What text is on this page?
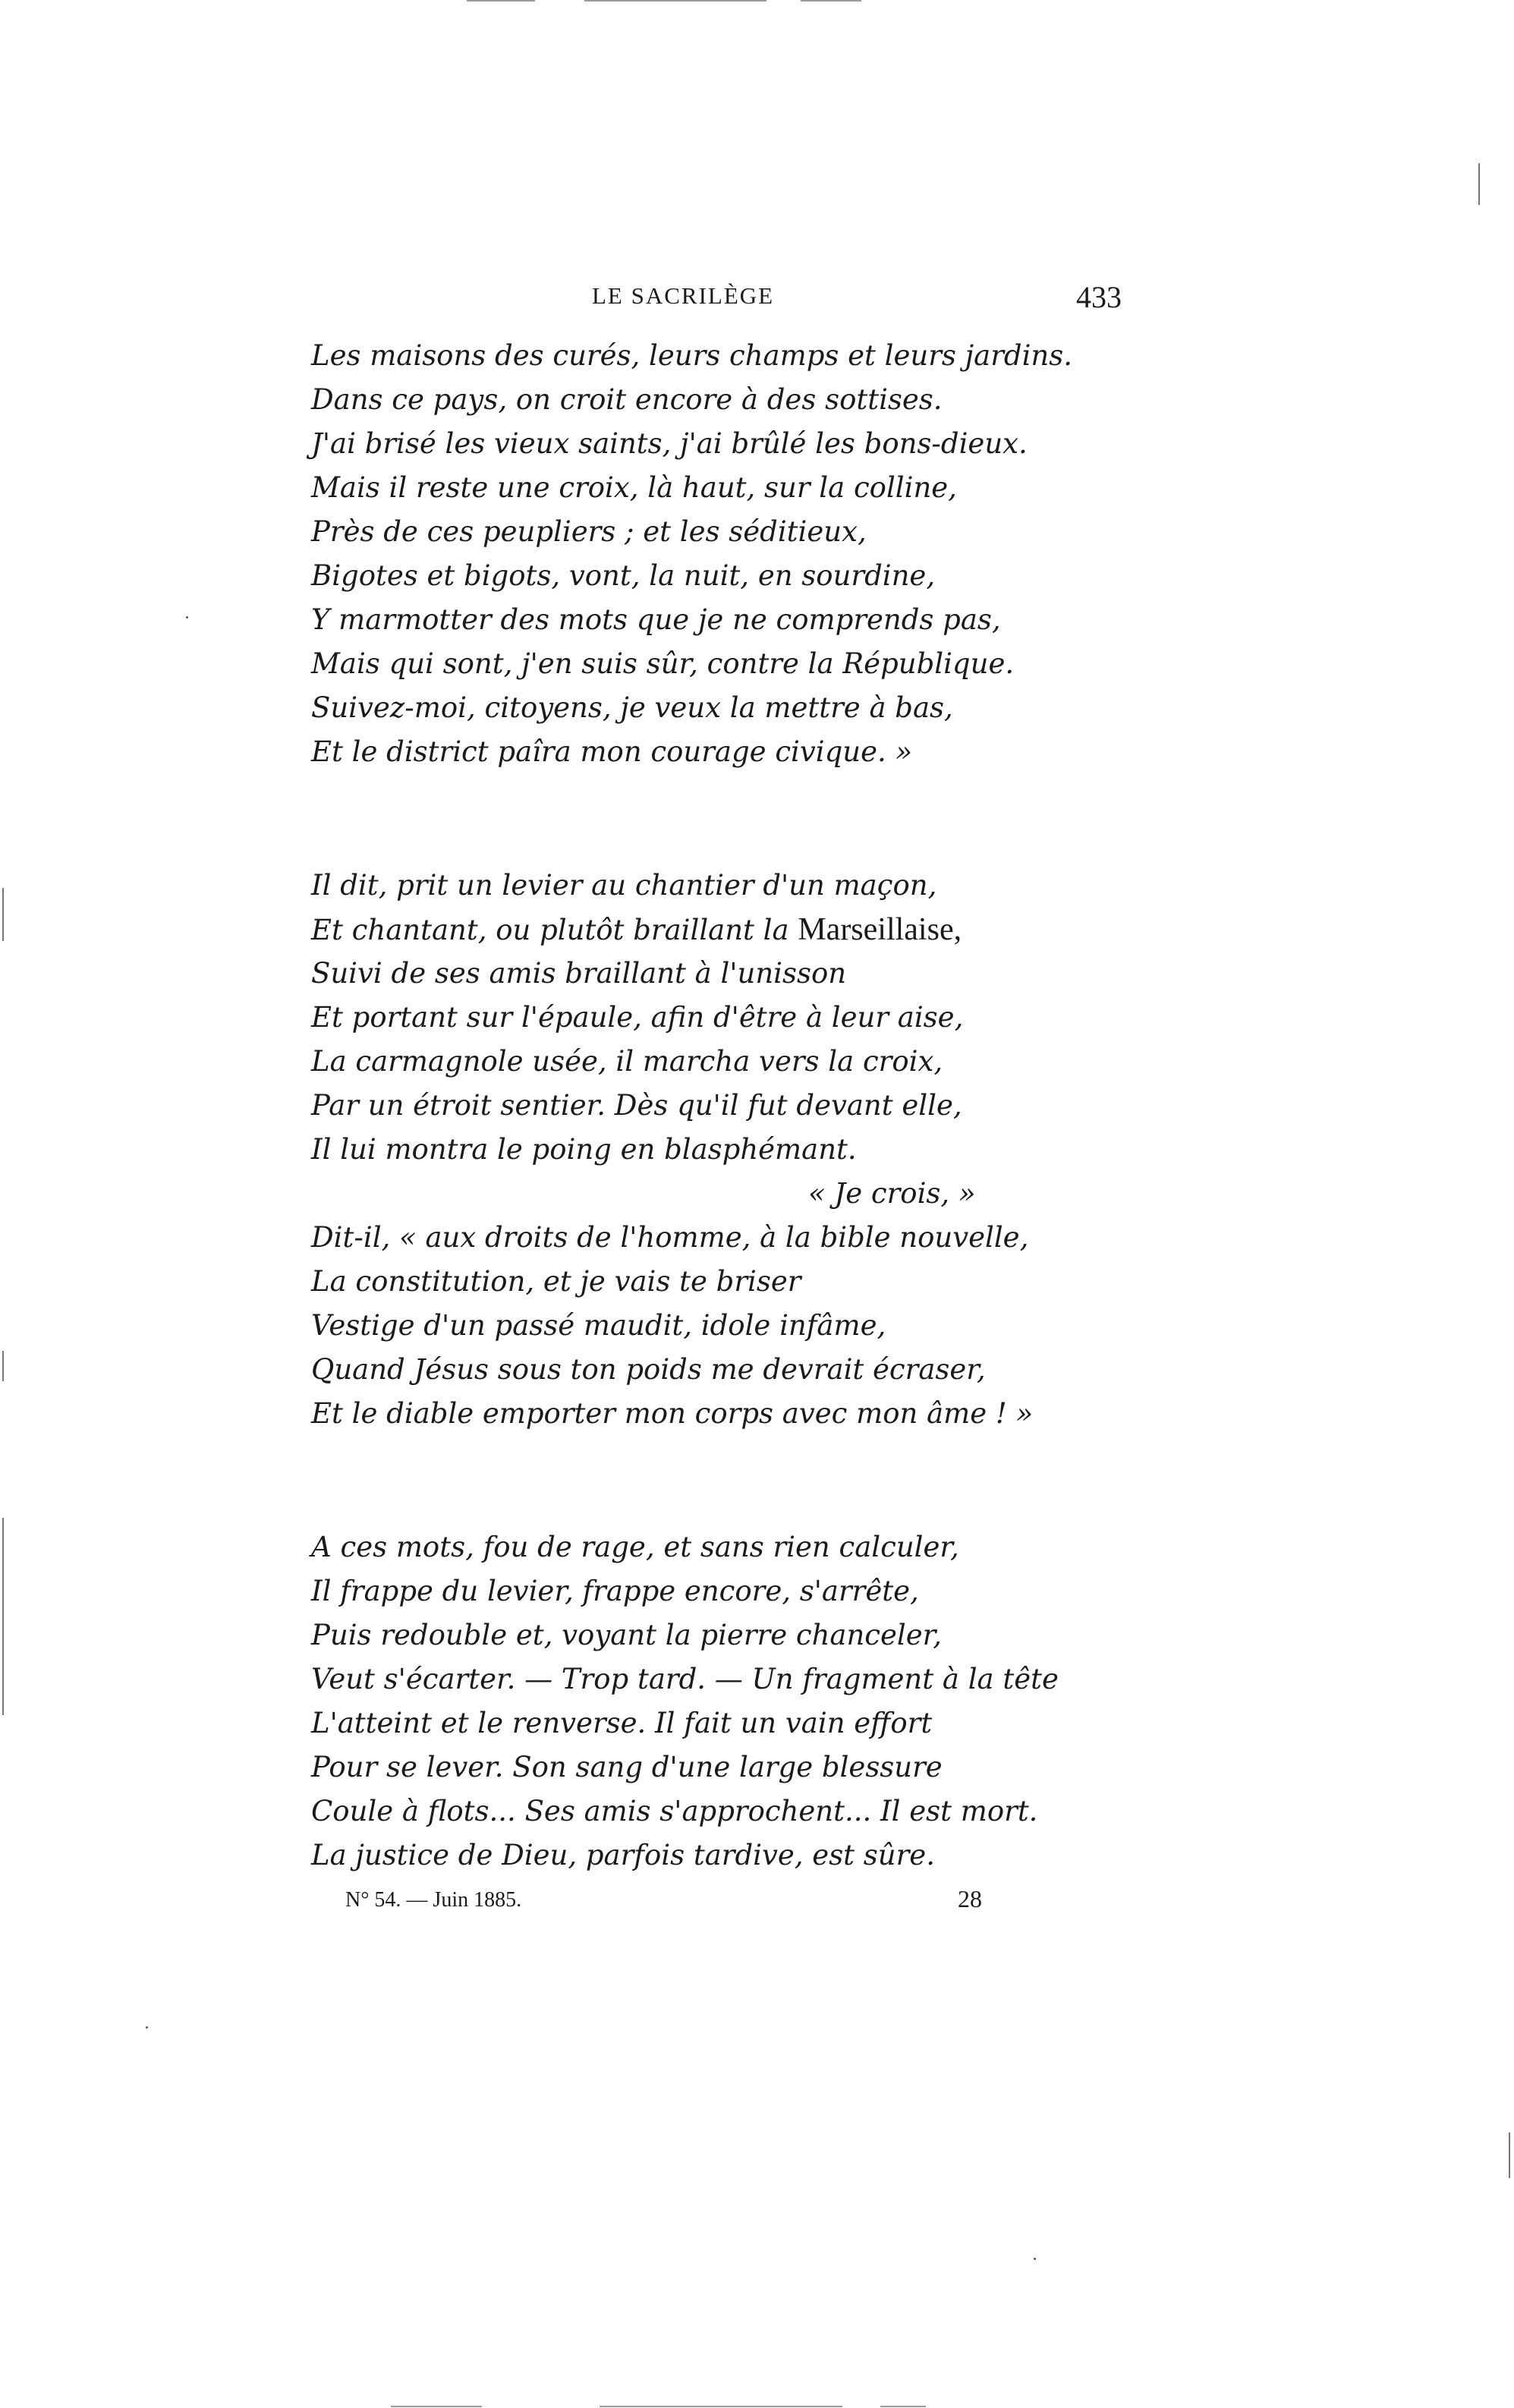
LE SACRILÈGE	433
Les maisons des curés, leurs champs et leurs jardins.
Dans ce pays, on croit encore à des sottises.
J'ai brisé les vieux saints, j'ai brûlé les bons-dieux.
Mais il reste une croix, là haut, sur la colline,
Près de ces peupliers ; et les séditieux,
Bigotes et bigots, vont, la nuit, en sourdine,
Y marmotter des mots que je ne comprends pas,
Mais qui sont, j'en suis sûr, contre la République.
Suivez-moi, citoyens, je veux la mettre à bas,
Et le district paîra mon courage civique. »
Il dit, prit un levier au chantier d'un maçon,
Et chantant, ou plutôt braillant la Marseillaise,
Suivi de ses amis braillant à l'unisson
Et portant sur l'épaule, afin d'être à leur aise,
La carmagnole usée, il marcha vers la croix,
Par un étroit sentier. Dès qu'il fut devant elle,
Il lui montra le poing en blasphémant.
« Je crois, »
Dit-il, « aux droits de l'homme, à la bible nouvelle,
La constitution, et je vais te briser
Vestige d'un passé maudit, idole infâme,
Quand Jésus sous ton poids me devrait écraser,
Et le diable emporter mon corps avec mon âme ! »
A ces mots, fou de rage, et sans rien calculer,
Il frappe du levier, frappe encore, s'arrête,
Puis redouble et, voyant la pierre chanceler,
Veut s'écarter. — Trop tard. — Un fragment à la tête
L'atteint et le renverse. Il fait un vain effort
Pour se lever. Son sang d'une large blessure
Coule à flots... Ses amis s'approchent... Il est mort.
La justice de Dieu, parfois tardive, est sûre.
N° 54. — Juin 1885.	28
